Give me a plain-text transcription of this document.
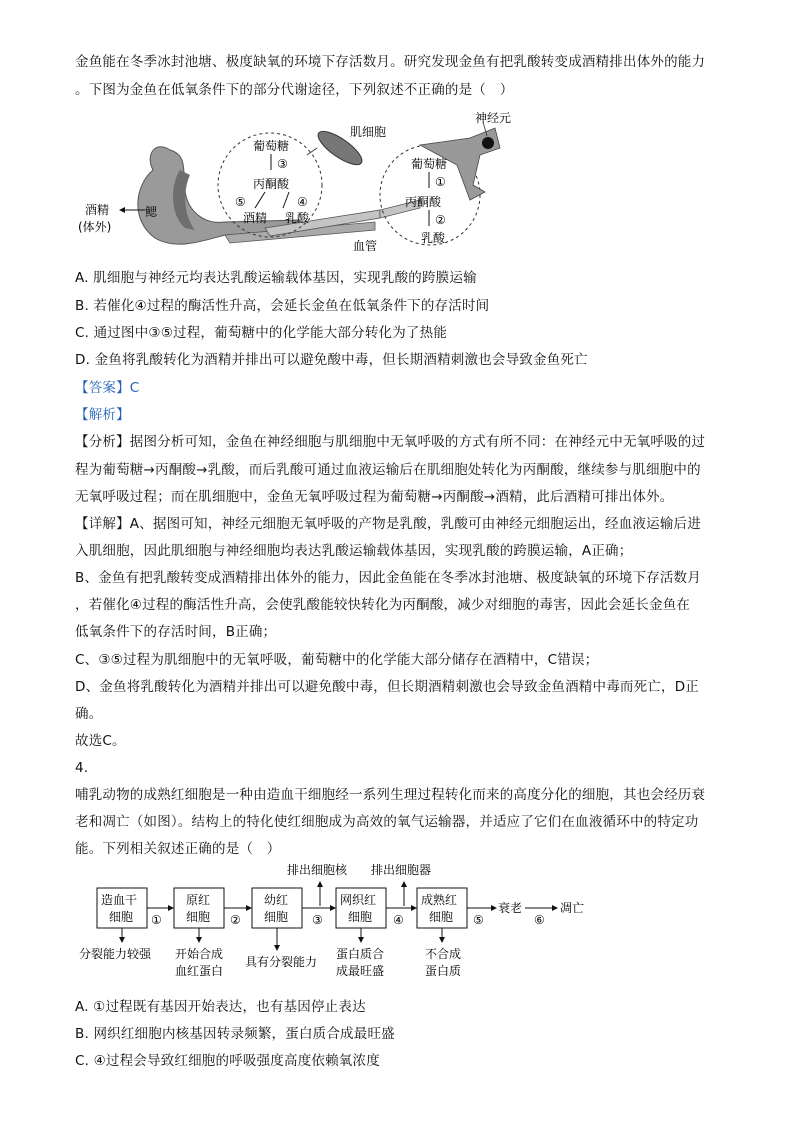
金鱼能在冬季冰封池塘、极度缺氧的环境下存活数月。研究发现金鱼有把乳酸转变成酒精排出体外的能力
。下图为金鱼在低氧条件下的部分代谢途径，下列叙述不正确的是（　）
肌细胞
神经元
鳃
酒精
(体外)
血管
葡萄糖
③
丙酮酸
⑤	④
酒精 乳酸
葡萄糖
①
丙酮酸
②
乳酸
A. 肌细胞与神经元均表达乳酸运输载体基因，实现乳酸的跨膜运输
B. 若催化④过程的酶活性升高，会延长金鱼在低氧条件下的存活时间
C. 通过图中③⑤过程，葡萄糖中的化学能大部分转化为了热能
D. 金鱼将乳酸转化为酒精并排出可以避免酸中毒，但长期酒精刺激也会导致金鱼死亡
【答案】C
【解析】
【分析】据图分析可知，金鱼在神经细胞与肌细胞中无氧呼吸的方式有所不同：在神经元中无氧呼吸的过
程为葡萄糖→丙酮酸→乳酸，而后乳酸可通过血液运输后在肌细胞处转化为丙酮酸，继续参与肌细胞中的
无氧呼吸过程；而在肌细胞中，金鱼无氧呼吸过程为葡萄糖→丙酮酸→酒精，此后酒精可排出体外。
【详解】A、据图可知，神经元细胞无氧呼吸的产物是乳酸，乳酸可由神经元细胞运出，经血液运输后进
入肌细胞，因此肌细胞与神经细胞均表达乳酸运输载体基因，实现乳酸的跨膜运输，A正确；
B、金鱼有把乳酸转变成酒精排出体外的能力，因此金鱼能在冬季冰封池塘、极度缺氧的环境下存活数月
，若催化④过程的酶活性升高，会使乳酸能较快转化为丙酮酸，减少对细胞的毒害，因此会延长金鱼在
低氧条件下的存活时间，B正确；
C、③⑤过程为肌细胞中的无氧呼吸，葡萄糖中的化学能大部分储存在酒精中，C错误；
D、金鱼将乳酸转化为酒精并排出可以避免酸中毒，但长期酒精刺激也会导致金鱼酒精中毒而死亡，D正
确。
故选C。
4.
哺乳动物的成熟红细胞是一种由造血干细胞经一系列生理过程转化而来的高度分化的细胞，其也会经历衰
老和凋亡（如图）。结构上的特化使红细胞成为高效的氧气运输器，并适应了它们在血液循环中的特定功
能。下列相关叙述正确的是（　）
排出细胞核 排出细胞器
造血干
细胞
原红
细胞
幼红
细胞
网织红
细胞
成熟红
细胞
①	②	③	④	⑤	⑥
衰老	凋亡
分裂能力较强 开始合成
血红蛋白
具有分裂能力
蛋白质合
成最旺盛
不合成
蛋白质
A. ①过程既有基因开始表达，也有基因停止表达
B. 网织红细胞内核基因转录频繁，蛋白质合成最旺盛
C. ④过程会导致红细胞的呼吸强度高度依赖氧浓度
